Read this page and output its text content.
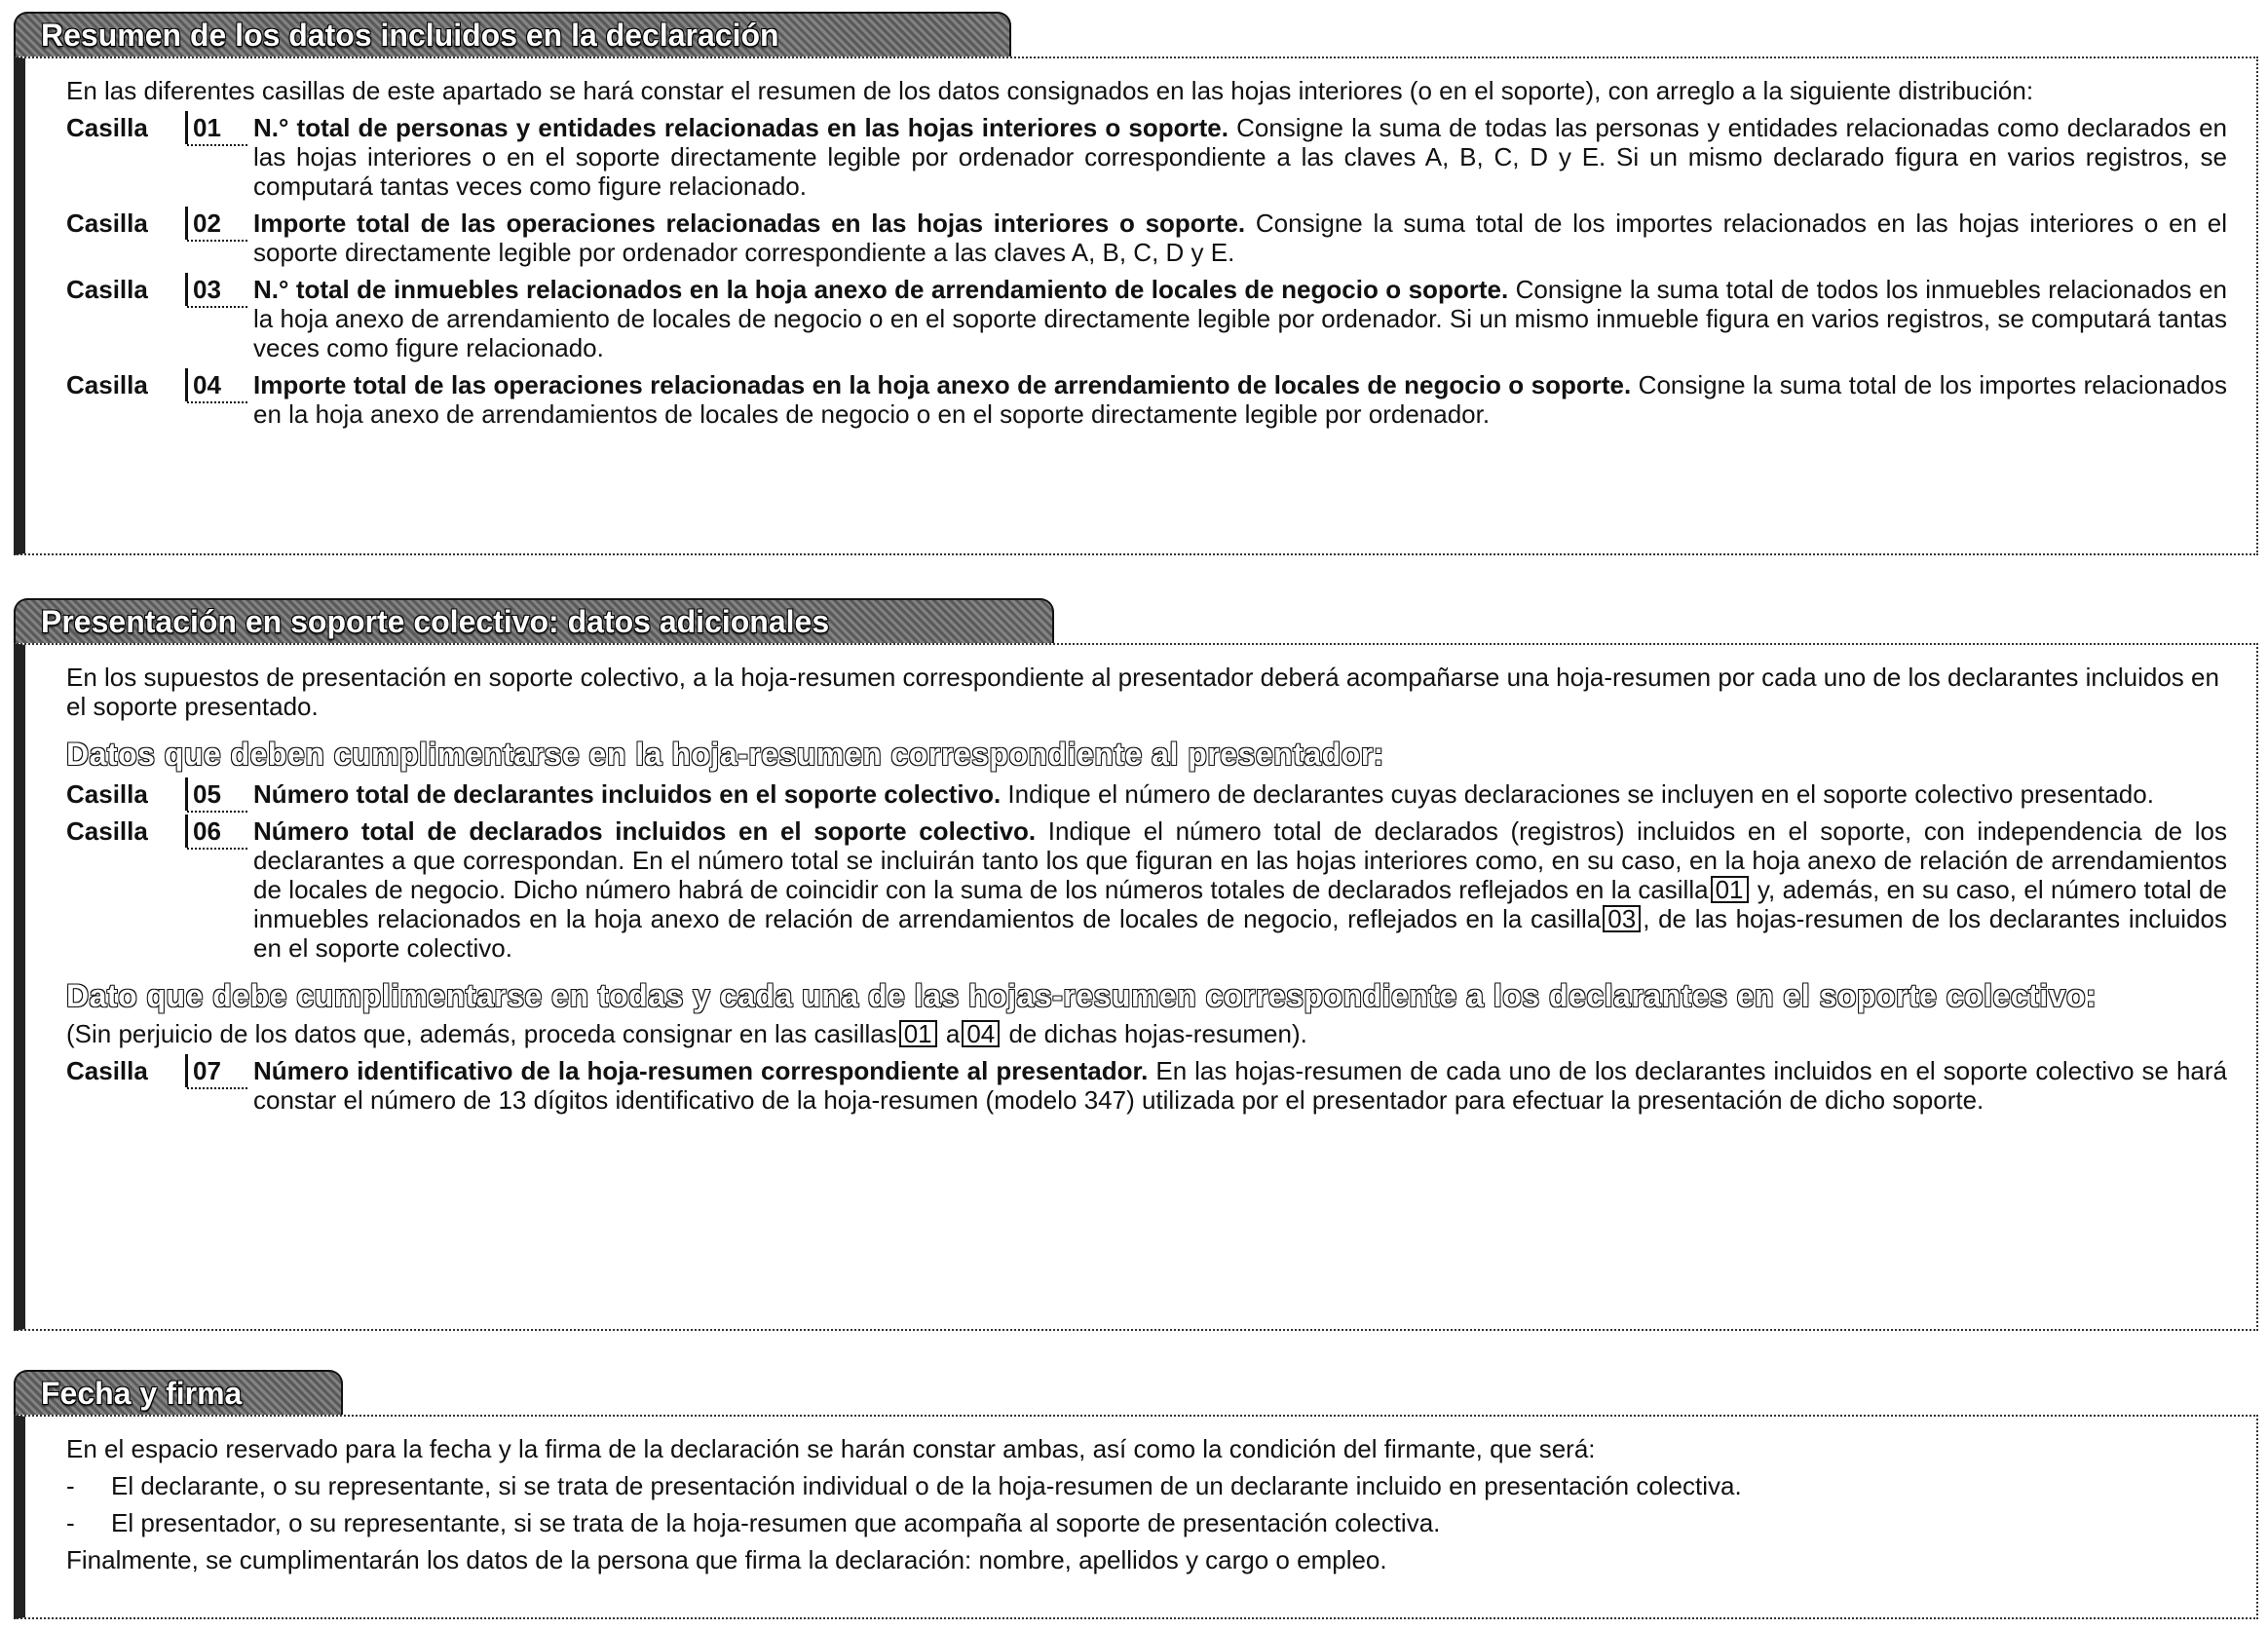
Resumen de los datos incluidos en la declaración

En las diferentes casillas de este apartado se hará constar el resumen de los datos consignados en las hojas interiores (o en el soporte), con arreglo a la siguiente distribución:

Casilla	01	N.° total de personas y entidades relacionadas en las hojas interiores o soporte. Consigne la suma de todas las personas y entidades relacionadas como declarados en las hojas interiores o en el soporte directamente legible por ordenador correspondiente a las claves A, B, C, D y E. Si un mismo declarado figura en varios registros, se computará tantas veces como figure relacionado.
Casilla	02	Importe total de las operaciones relacionadas en las hojas interiores o soporte. Consigne la suma total de los importes relacionados en las hojas interiores o en el soporte directamente legible por ordenador correspondiente a las claves A, B, C, D y E.
Casilla	03	N.° total de inmuebles relacionados en la hoja anexo de arrendamiento de locales de negocio o soporte. Consigne la suma total de todos los inmuebles relacionados en la hoja anexo de arrendamiento de locales de negocio o en el soporte directamente legible por ordenador. Si un mismo inmueble figura en varios registros, se computará tantas veces como figure relacionado.
Casilla	04	Importe total de las operaciones relacionadas en la hoja anexo de arrendamiento de locales de negocio o soporte. Consigne la suma total de los importes relacionados en la hoja anexo de arrendamientos de locales de negocio o en el soporte directamente legible por ordenador.
Presentación en soporte colectivo: datos adicionales

En los supuestos de presentación en soporte colectivo, a la hoja-resumen correspondiente al presentador deberá acompañarse una hoja-resumen por cada uno de los declarantes incluidos en el soporte presentado.

Datos que deben cumplimentarse en la hoja-resumen correspondiente al presentador:

Casilla	05	Número total de declarantes incluidos en el soporte colectivo. Indique el número de declarantes cuyas declaraciones se incluyen en el soporte colectivo presentado.
Casilla	06	Número total de declarados incluidos en el soporte colectivo. Indique el número total de declarados (registros) incluidos en el soporte, con independencia de los declarantes a que correspondan. En el número total se incluirán tanto los que figuran en las hojas interiores como, en su caso, en la hoja anexo de relación de arrendamientos de locales de negocio. Dicho número habrá de coincidir con la suma de los números totales de declarados reflejados en la casilla 01 y, además, en su caso, el número total de inmuebles relacionados en la hoja anexo de relación de arrendamientos de locales de negocio, reflejados en la casilla 03 , de las hojas-resumen de los declarantes incluidos en el soporte colectivo.

Dato que debe cumplimentarse en todas y cada una de las hojas-resumen correspondiente a los declarantes en el soporte colectivo:

(Sin perjuicio de los datos que, además, proceda consignar en las casillas 01 a 04 de dichas hojas-resumen).

Casilla	07	Número identificativo de la hoja-resumen correspondiente al presentador. En las hojas-resumen de cada uno de los declarantes incluidos en el soporte colectivo se hará constar el número de 13 dígitos identificativo de la hoja-resumen (modelo 347) utilizada por el presentador para efectuar la presentación de dicho soporte.
Fecha y firma

En el espacio reservado para la fecha y la firma de la declaración se harán constar ambas, así como la condición del firmante, que será:

- El declarante, o su representante, si se trata de presentación individual o de la hoja-resumen de un declarante incluido en presentación colectiva.

- El presentador, o su representante, si se trata de la hoja-resumen que acompaña al soporte de presentación colectiva.

Finalmente, se cumplimentarán los datos de la persona que firma la declaración: nombre, apellidos y cargo o empleo.
